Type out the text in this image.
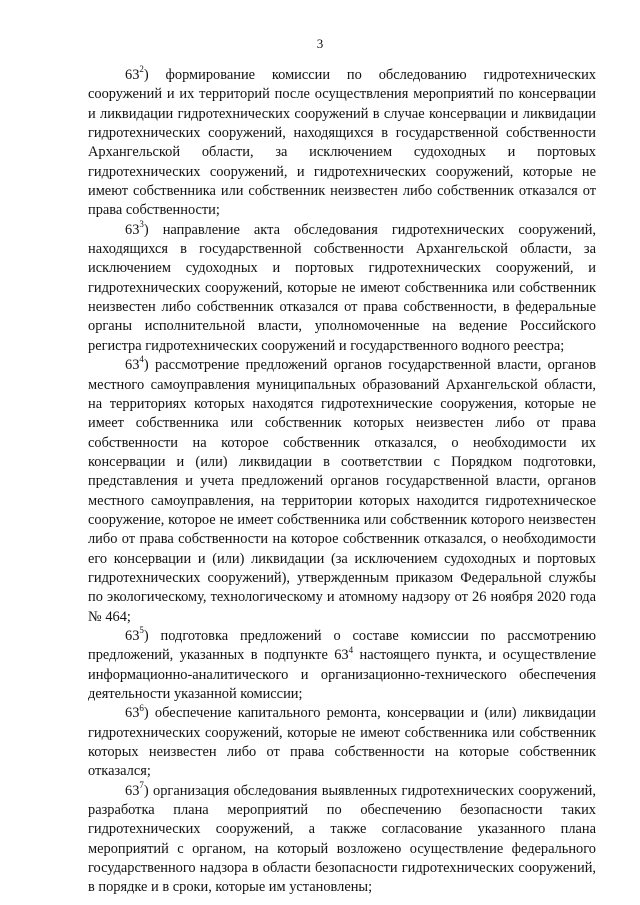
3

$63^2$) формирование комиссии по обследованию гидротехнических сооружений и их территорий после осуществления мероприятий по консервации и ликвидации гидротехнических сооружений в случае консервации и ликвидации гидротехнических сооружений, находящихся в государственной собственности Архангельской области, за исключением судоходных и портовых гидротехнических сооружений, и гидротехнических сооружений, которые не имеют собственника или собственник неизвестен либо собственник отказался от права собственности;

$63^3$) направление акта обследования гидротехнических сооружений, находящихся в государственной собственности Архангельской области, за исключением судоходных и портовых гидротехнических сооружений, и гидротехнических сооружений, которые не имеют собственника или собственник неизвестен либо собственник отказался от права собственности, в федеральные органы исполнительной власти, уполномоченные на ведение Российского регистра гидротехнических сооружений и государственного водного реестра;

$63^4$) рассмотрение предложений органов государственной власти, органов местного самоуправления муниципальных образований Архангельской области, на территориях которых находятся гидротехнические сооружения, которые не имеет собственника или собственник которых неизвестен либо от права собственности на которое собственник отказался, о необходимости их консервации и (или) ликвидации в соответствии с Порядком подготовки, представления и учета предложений органов государственной власти, органов местного самоуправления, на территории которых находится гидротехническое сооружение, которое не имеет собственника или собственник которого неизвестен либо от права собственности на которое собственник отказался, о необходимости его консервации и (или) ликвидации (за исключением судоходных и портовых гидротехнических сооружений), утвержденным приказом Федеральной службы по экологическому, технологическому и атомному надзору от 26 ноября 2020 года № 464;

$63^5$) подготовка предложений о составе комиссии по рассмотрению предложений, указанных в подпункте $63^4$ настоящего пункта, и осуществление информационно-аналитического и организационно-технического обеспечения деятельности указанной комиссии;

$63^6$) обеспечение капитального ремонта, консервации и (или) ликвидации гидротехнических сооружений, которые не имеют собственника или собственник которых неизвестен либо от права собственности на которые собственник отказался;

$63^7$) организация обследования выявленных гидротехнических сооружений, разработка плана мероприятий по обеспечению безопасности таких гидротехнических сооружений, а также согласование указанного плана мероприятий с органом, на который возложено осуществление федерального государственного надзора в области безопасности гидротехнических сооружений, в порядке и в сроки, которые им установлены;
